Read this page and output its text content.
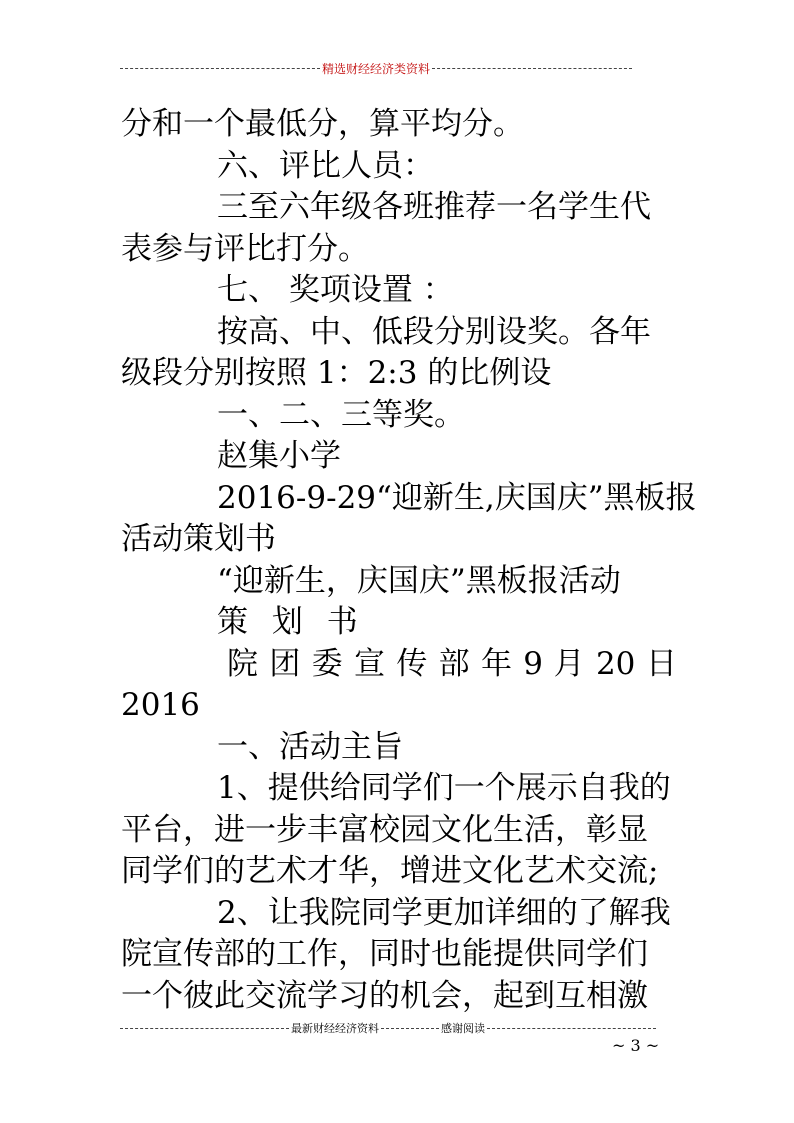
精选财经经济类资料
分和一个最低分，算平均分。
六、评比人员：
三至六年级各班推荐一名学生代
表参与评比打分。
七、 奖项设置 ：
按高、中、低段分别设奖。各年
级段分别按照 1：2:3 的比例设
一、二、三等奖。
赵集小学
2016-9-29“迎新生,庆国庆”黑板报
活动策划书
“迎新生，庆国庆”黑板报活动
策 划 书
院 团 委 宣 传 部 年 9 月 20 日
2016
一、活动主旨
1、提供给同学们一个展示自我的
平台，进一步丰富校园文化生活，彰显
同学们的艺术才华，增进文化艺术交流;
2、让我院同学更加详细的了解我
院宣传部的工作，同时也能提供同学们
一个彼此交流学习的机会，起到互相激
最新财经经济资料	感谢阅读
~ 3 ~
